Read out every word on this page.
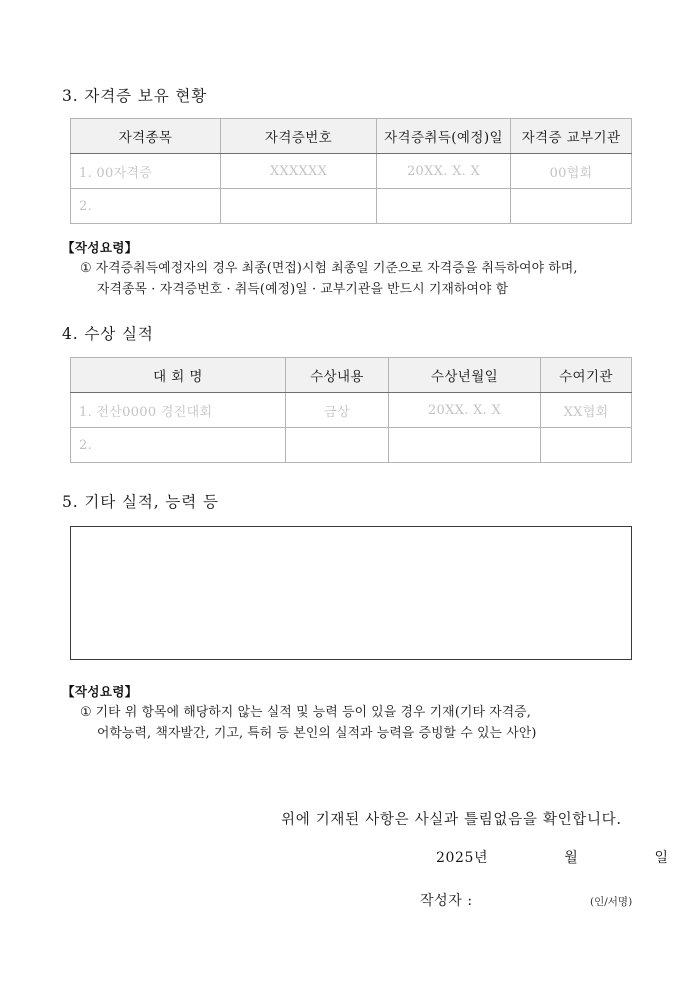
3. 자격증 보유 현황
자격종목	자격증번호	자격증취득(예정)일	자격증 교부기관
1. 00자격증	XXXXXX	20XX. X. X	00협회
2.			

【작성요령】

① 자격증취득예정자의 경우 최종(면접)시험 최종일 기준으로 자격증을 취득하여야 하며,
자격종목 · 자격증번호 · 취득(예정)일 · 교부기관을 반드시 기재하여야 함

4. 수상 실적
대 회 명	수상내용	수상년월일	수여기관
1. 전산0000 경진대회	금상	20XX. X. X	XX협회
2.			
5. 기타 실적, 능력 등

【작성요령】

① 기타 위 항목에 해당하지 않는 실적 및 능력 등이 있을 경우 기재(기타 자격증,
어학능력, 책자발간, 기고, 특허 등 본인의 실적과 능력을 증빙할 수 있는 사안)

위에 기재된 사항은 사실과 틀림없음을 확인합니다.
2025년	월	일
작성자 :	(인/서명)
